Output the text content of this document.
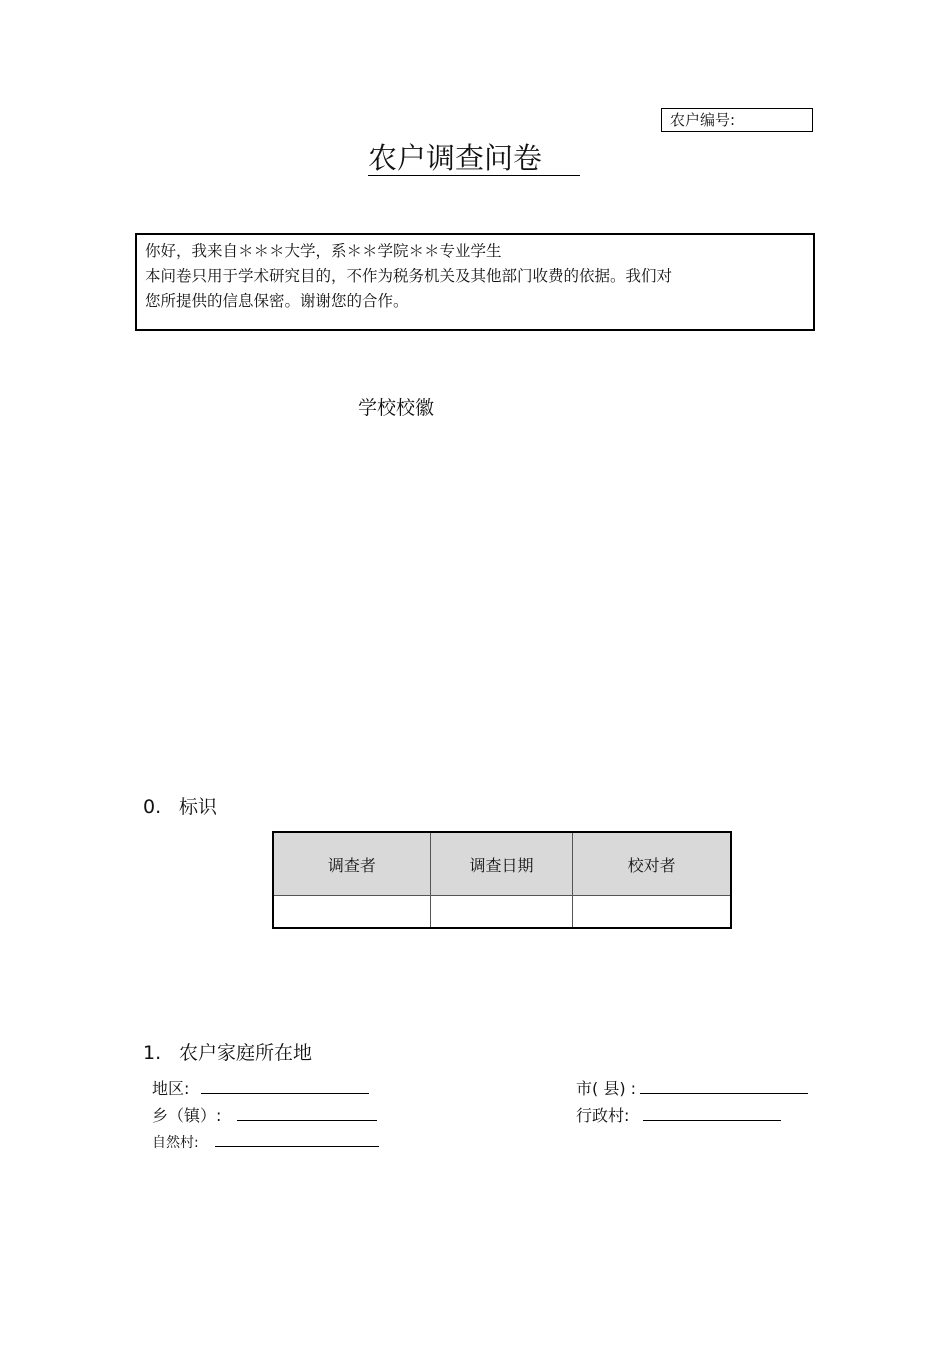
农户编号:
农户调查问卷
你好，我来自＊＊＊大学，系＊＊学院＊＊专业学生
本问卷只用于学术研究目的，不作为税务机关及其他部门收费的依据。我们对
您所提供的信息保密。谢谢您的合作。
学校校徽
0. 标识
调查者	调查日期	校对者

1. 农户家庭所在地
地区:	市( 县) :
乡（镇）:	行政村:
自然村:
